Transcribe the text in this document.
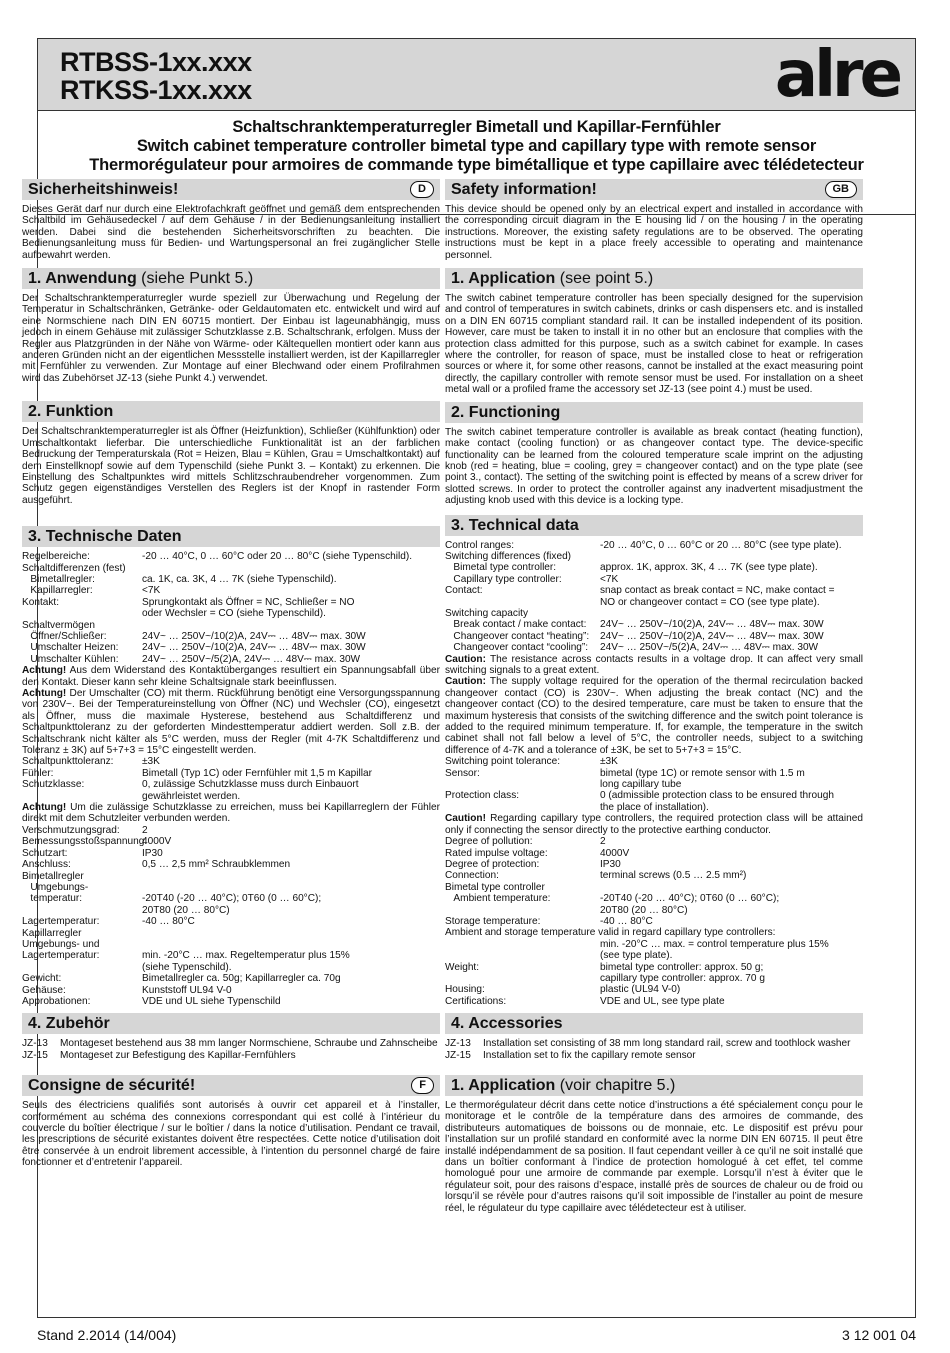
RTBSS-1xx.xxx
RTKSS-1xx.xxx	alre
Schaltschranktemperaturregler Bimetall und Kapillar-Fernfühler
Switch cabinet temperature controller bimetal type and capillary type with remote sensor
Thermorégulateur pour armoires de commande type bimétallique et type capillaire avec télédetecteur
Sicherheitshinweis!	D

Dieses Gerät darf nur durch eine Elektrofachkraft geöffnet und gemäß dem entsprechenden Schaltbild im Gehäusedeckel / auf dem Gehäuse / in der Bedienungsanleitung installiert werden. Dabei sind die bestehenden Sicherheitsvorschriften zu beachten. Die Bedienungsanleitung muss für Bedien- und Wartungspersonal an frei zugänglicher Stelle aufbewahrt werden.

1. Anwendung (siehe Punkt 5.)

Der Schaltschranktemperaturregler wurde speziell zur Überwachung und Regelung der Temperatur in Schaltschränken, Getränke- oder Geldautomaten etc. entwickelt und wird auf eine Normschiene nach DIN EN 60715 montiert. Der Einbau ist lageunabhängig, muss jedoch in einem Gehäuse mit zulässiger Schutzklasse z.B. Schaltschrank, erfolgen. Muss der Regler aus Platzgründen in der Nähe von Wärme- oder Kältequellen montiert oder kann aus anderen Gründen nicht an der eigentlichen Messstelle installiert werden, ist der Kapillarregler mit Fernfühler zu verwenden. Zur Montage auf einer Blechwand oder einem Profilrahmen wird das Zubehörset JZ-13 (siehe Punkt 4.) verwendet.

2. Funktion

Der Schaltschranktemperaturregler ist als Öffner (Heizfunktion), Schließer (Kühlfunktion) oder Umschaltkontakt lieferbar. Die unterschiedliche Funktionalität ist an der farblichen Bedruckung der Temperaturskala (Rot = Heizen, Blau = Kühlen, Grau = Umschaltkontakt) auf dem Einstellknopf sowie auf dem Typenschild (siehe Punkt 3. – Kontakt) zu erkennen. Die Einstellung des Schaltpunktes wird mittels Schlitzschraubendreher vorgenommen. Zum Schutz gegen eigenständiges Verstellen des Reglers ist der Knopf in rastender Form ausgeführt.

3. Technische Daten
Regelbereiche:	-20 … 40°C, 0 … 60°C oder 20 … 80°C (siehe Typenschild).
Schaltdifferenzen (fest)
Bimetallregler:	ca. 1K, ca. 3K, 4 … 7K (siehe Typenschild).
Kapillarregler:	<7K
Kontakt:	Sprungkontakt als Öffner = NC, Schließer = NO
oder Wechsler = CO (siehe Typenschild).
Schaltvermögen
Öffner/Schließer:	24V~ … 250V~/10(2)A, 24V⎓ … 48V⎓ max. 30W
Umschalter Heizen:	24V~ … 250V~/10(2)A, 24V⎓ … 48V⎓ max. 30W
Umschalter Kühlen:	24V~ … 250V~/5(2)A, 24V⎓ … 48V⎓ max. 30W

Achtung! Aus dem Widerstand des Kontaktüberganges resultiert ein Spannungsabfall über den Kontakt. Dieser kann sehr kleine Schaltsignale stark beeinflussen.

Achtung! Der Umschalter (CO) mit therm. Rückführung benötigt eine Versorgungsspannung von 230V~. Bei der Temperatureinstellung von Öffner (NC) und Wechsler (CO), eingesetzt als Öffner, muss die maximale Hysterese, bestehend aus Schaltdifferenz und Schaltpunkttoleranz zu der geforderten Mindesttemperatur addiert werden. Soll z.B. der Schaltschrank nicht kälter als 5°C werden, muss der Regler (mit 4-7K Schaltdifferenz und Toleranz ± 3K) auf 5+7+3 = 15°C eingestellt werden.

Schaltpunkttoleranz:	±3K
Fühler:	Bimetall (Typ 1C) oder Fernfühler mit 1,5 m Kapillar
Schutzklasse:	0, zulässige Schutzklasse muss durch Einbauort
gewährleistet werden.

Achtung! Um die zulässige Schutzklasse zu erreichen, muss bei Kapillarreglern der Fühler direkt mit dem Schutzleiter verbunden werden.

Verschmutzungsgrad:	2
Bemessungsstoßspannung:
4000V
Schutzart:	IP30
Anschluss:	0,5 … 2,5 mm² Schraubklemmen
Bimetallregler
Umgebungs-
temperatur:	-20T40 (-20 … 40°C); 0T60 (0 … 60°C);
20T80 (20 … 80°C)
Lagertemperatur:	-40 … 80°C
Kapillarregler
Umgebungs- und
Lagertemperatur:	min. -20°C … max. Regeltemperatur plus 15%
(siehe Typenschild).
Gewicht:	Bimetallregler ca. 50g; Kapillarregler ca. 70g
Gehäuse:	Kunststoff UL94 V-0
Approbationen:	VDE und UL siehe Typenschild
4. Zubehör
JZ-13	Montageset bestehend aus 38 mm langer Normschiene, Schraube und Zahnscheibe
JZ-15	Montageset zur Befestigung des Kapillar-Fernfühlers
Consigne de sécurité!	F

Seuls des électriciens qualifiés sont autorisés à ouvrir cet appareil et à l’installer, conformément au schéma des connexions correspondant qui est collé à l’intérieur du couvercle du boîtier électrique / sur le boîtier / dans la notice d’utilisation. Pendant ce travail, les prescriptions de sécurité existantes doivent être respectées. Cette notice d’utilisation doit être conservée à un endroit librement accessible, à l’intention du personnel chargé de faire fonctionner et d’entretenir l’appareil.

Safety information!	GB

This device should be opened only by an electrical expert and installed in accordance with the corresponding circuit diagram in the E housing lid / on the housing / in the operating instructions. Moreover, the existing safety regulations are to be observed. The operating instructions must be kept in a place freely accessible to operating and maintenance personnel.

1. Application (see point 5.)

The switch cabinet temperature controller has been specially designed for the supervision and control of temperatures in switch cabinets, drinks or cash dispensers etc. and is installed on a DIN EN 60715 compliant standard rail. It can be installed independent of its position. However, care must be taken to install it in no other but an enclosure that complies with the protection class admitted for this purpose, such as a switch cabinet for example. In cases where the controller, for reason of space, must be installed close to heat or refrigeration sources or where it, for some other reasons, cannot be installed at the exact measuring point directly, the capillary controller with remote sensor must be used. For installation on a sheet metal wall or a profiled frame the accessory set JZ-13 (see point 4.) must be used.

2. Functioning

The switch cabinet temperature controller is available as break contact (heating function), make contact (cooling function) or as changeover contact type. The device-specific functionality can be learned from the coloured temperature scale imprint on the adjusting knob (red = heating, blue = cooling, grey = changeover contact) and on the type plate (see point 3., contact). The setting of the switching point is effected by means of a screw driver for slotted screws. In order to protect the controller against any inadvertent misadjustment the adjusting knob used with this device is a locking type.

3. Technical data
Control ranges:	-20 … 40°C, 0 … 60°C or 20 … 80°C (see type plate).
Switching differences (fixed)
Bimetal type controller:	approx. 1K, approx. 3K, 4 … 7K (see type plate).
Capillary type controller:	<7K
Contact:	snap contact as break contact = NC, make contact =
NO or changeover contact = CO (see type plate).
Switching capacity
Break contact / make contact:	24V~ … 250V~/10(2)A, 24V⎓ … 48V⎓ max. 30W
Changeover contact “heating”:	24V~ … 250V~/10(2)A, 24V⎓ … 48V⎓ max. 30W
Changeover contact “cooling”:	24V~ … 250V~/5(2)A, 24V⎓ … 48V⎓ max. 30W

Caution: The resistance across contacts results in a voltage drop. It can affect very small switching signals to a great extent.

Caution: The supply voltage required for the operation of the thermal recirculation backed changeover contact (CO) is 230V~. When adjusting the break contact (NC) and the changeover contact (CO) to the desired temperature, care must be taken to ensure that the maximum hysteresis that consists of the switching difference and the switch point tolerance is added to the required minimum temperature. If, for example, the temperature in the switch cabinet shall not fall below a level of 5°C, the controller needs, subject to a switching difference of 4-7K and a tolerance of ±3K, be set to 5+7+3 = 15°C.

Switching point tolerance:	±3K
Sensor:	bimetal (type 1C) or remote sensor with 1.5 m
long capillary tube
Protection class:	0 (admissible protection class to be ensured through
the place of installation).

Caution! Regarding capillary type controllers, the required protection class will be attained only if connecting the sensor directly to the protective earthing conductor.

Degree of pollution:	2
Rated impulse voltage:	4000V
Degree of protection:	IP30
Connection:	terminal screws (0.5 … 2.5 mm²)
Bimetal type controller
Ambient temperature:	-20T40 (-20 … 40°C); 0T60 (0 … 60°C);
20T80 (20 … 80°C)
Storage temperature:	-40 … 80°C

Ambient and storage temperature valid in regard capillary type controllers:

min. -20°C … max. = control temperature plus 15%
(see type plate).
Weight:	bimetal type controller: approx. 50 g;
capillary type controller: approx. 70 g
Housing:	plastic (UL94 V-0)
Certifications:	VDE and UL, see type plate
4. Accessories
JZ-13	Installation set consisting of 38 mm long standard rail, screw and toothlock washer
JZ-15	Installation set to fix the capillary remote sensor
1. Application (voir chapitre 5.)

Le thermorégulateur décrit dans cette notice d’instructions a été spécialement conçu pour le monitorage et le contrôle de la température dans des armoires de commande, des distributeurs automatiques de boissons ou de monnaie, etc. Le dispositif est prévu pour l’installation sur un profilé standard en conformité avec la norme DIN EN 60715. Il peut être installé indépendamment de sa position. Il faut cependant veiller à ce qu’il ne soit installé que dans un boîtier conformant à l’indice de protection homologué à cet effet, tel comme homologué pour une armoire de commande par exemple. Lorsqu’il n’est à éviter que le régulateur soit, pour des raisons d’espace, installé près de sources de chaleur ou de froid ou lorsqu’il se révèle pour d’autres raisons qu’il soit impossible de l’installer au point de mesure réel, le régulateur du type capillaire avec télédetecteur est à utiliser.

Stand 2.2014 (14/004)	3 12 001 04
